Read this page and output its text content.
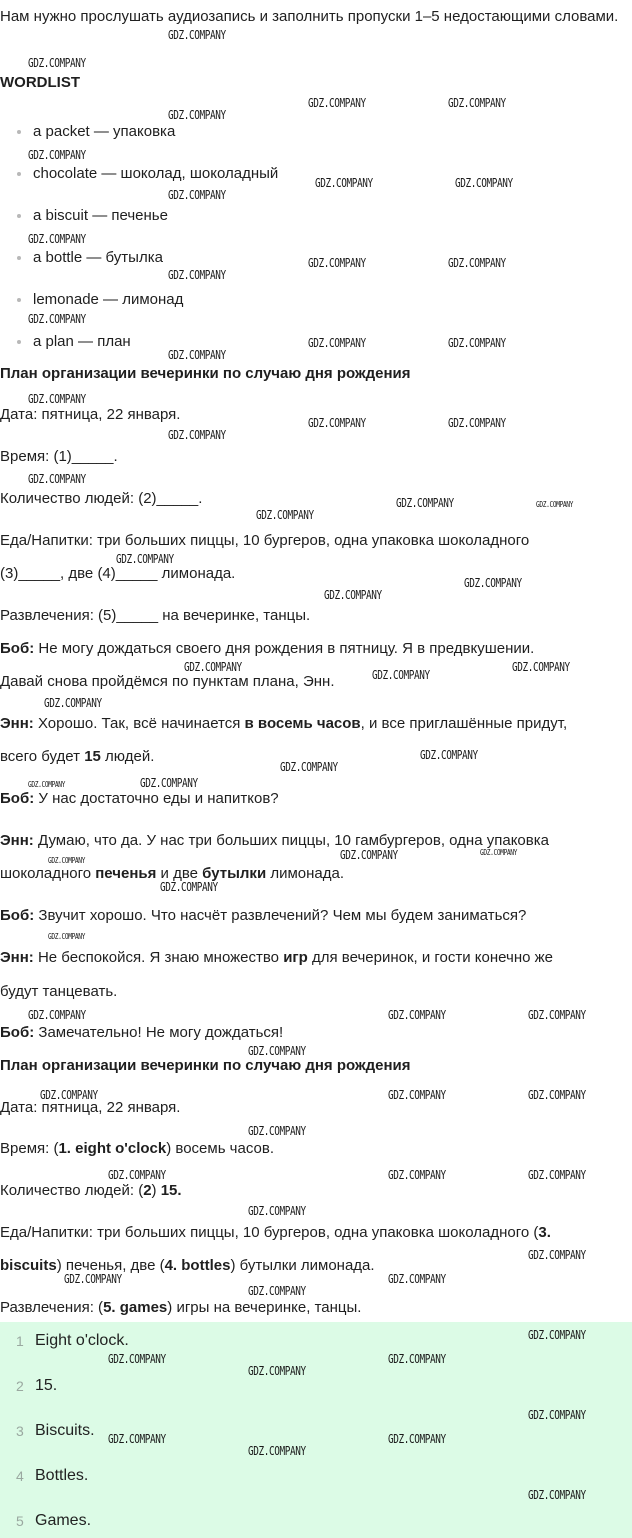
Нам нужно прослушать аудиозапись и заполнить пропуски 1–5 недостающими словами.
WORDLIST
a packet — упаковка
chocolate — шоколад, шоколадный
a biscuit — печенье
a bottle — бутылка
lemonade — лимонад
a plan — план
План организации вечеринки по случаю дня рождения
Дата: пятница, 22 января.
Время: (1)_____.
Количество людей: (2)_____.
Еда/Напитки: три больших пиццы, 10 бургеров, одна упаковка шоколадного
(3)_____, две (4)_____ лимонада.
Развлечения: (5)_____ на вечеринке, танцы.
Боб: Не могу дождаться своего дня рождения в пятницу. Я в предвкушении.
Давай снова пройдёмся по пунктам плана, Энн.
Энн: Хорошо. Так, всё начинается в восемь часов, и все приглашённые придут,
всего будет 15 людей.
Боб: У нас достаточно еды и напитков?
Энн: Думаю, что да. У нас три больших пиццы, 10 гамбургеров, одна упаковка
шоколадного печенья и две бутылки лимонада.
Боб: Звучит хорошо. Что насчёт развлечений? Чем мы будем заниматься?
Энн: Не беспокойся. Я знаю множество игр для вечеринок, и гости конечно же
будут танцевать.
Боб: Замечательно! Не могу дождаться!
План организации вечеринки по случаю дня рождения
Дата: пятница, 22 января.
Время: (1. eight o'clock) восемь часов.
Количество людей: (2) 15.
Еда/Напитки: три больших пиццы, 10 бургеров, одна упаковка шоколадного (3.
biscuits) печенья, две (4. bottles) бутылки лимонада.
Развлечения: (5. games) игры на вечеринке, танцы.
1 Eight o'clock.
2 15.
3 Biscuits.
4 Bottles.
5 Games.
GDZ.COMPANY
GDZ.COMPANY
GDZ.COMPANY
GDZ.COMPANY	GDZ.COMPANY
GDZ.COMPANY
GDZ.COMPANY	GDZ.COMPANY
GDZ.COMPANY
GDZ.COMPANY
GDZ.COMPANY	GDZ.COMPANY
GDZ.COMPANY
GDZ.COMPANY
GDZ.COMPANY	GDZ.COMPANY
GDZ.COMPANY
GDZ.COMPANY
GDZ.COMPANY	GDZ.COMPANY
GDZ.COMPANY
GDZ.COMPANY
GDZ.COMPANY
GDZ.COMPANY
GDZ.COMPANY
GDZ.COMPANY
GDZ.COMPANY
GDZ.COMPANY	GDZ.COMPANY
GDZ.COMPANY
GDZ.COMPANY
GDZ.COMPANY
GDZ.COMPANY
GDZ.COMPANY
GDZ.COMPANY
GDZ.COMPANY
GDZ.COMPANY	GDZ.COMPANY	GDZ.COMPANY
GDZ.COMPANY
GDZ.COMPANY	GDZ.COMPANY	GDZ.COMPANY
GDZ.COMPANY
GDZ.COMPANY	GDZ.COMPANY	GDZ.COMPANY
GDZ.COMPANY
GDZ.COMPANY
GDZ.COMPANY	GDZ.COMPANY
GDZ.COMPANY
GDZ.COMPANY
GDZ.COMPANY	GDZ.COMPANY
GDZ.COMPANY
GDZ.COMPANY
GDZ.COMPANY	GDZ.COMPANY
GDZ.COMPANY
GDZ.COMPANY
GDZ.COMPANY
GDZ.COMPANY
GDZ.COMPANY
GDZ.COMPANY
GDZ.COMPANY
